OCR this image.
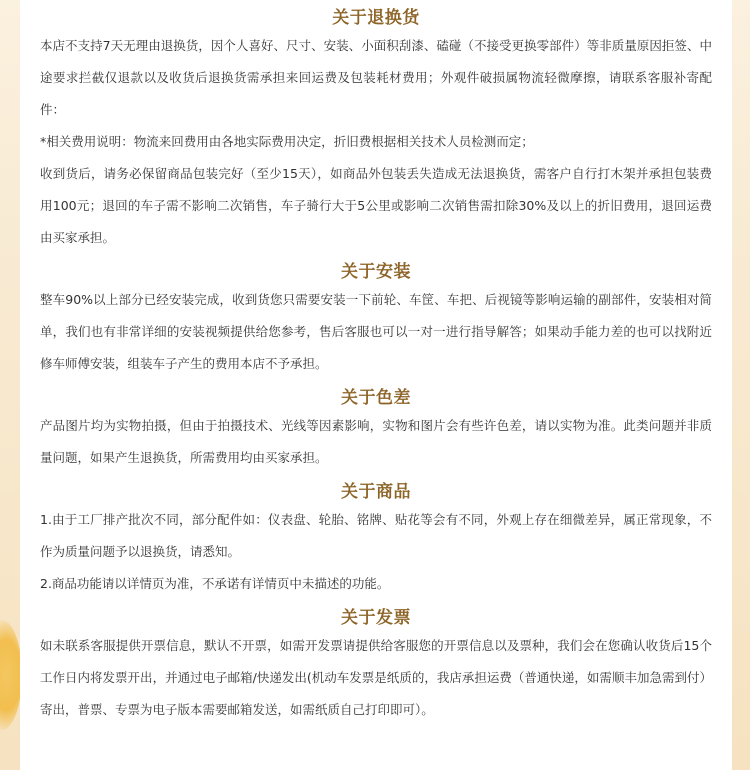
关于退换货

本店不支持7天无理由退换货，因个人喜好、尺寸、安装、小面积刮漆、磕碰（不接受更换零部件）等非质量原因拒签、中途要求拦截仅退款以及收货后退换货需承担来回运费及包装耗材费用；外观件破损属物流轻微摩擦，请联系客服补寄配件：

*相关费用说明：物流来回费用由各地实际费用决定，折旧费根据相关技术人员检测而定；

收到货后，请务必保留商品包装完好（至少15天），如商品外包装丢失造成无法退换货，需客户自行打木架并承担包装费用100元；退回的车子需不影响二次销售，车子骑行大于5公里或影响二次销售需扣除30%及以上的折旧费用，退回运费由买家承担。

关于安装

整车90%以上部分已经安装完成，收到货您只需要安装一下前轮、车筐、车把、后视镜等影响运输的副部件，安装相对简单，我们也有非常详细的安装视频提供给您参考，售后客服也可以一对一进行指导解答；如果动手能力差的也可以找附近修车师傅安装，组装车子产生的费用本店不予承担。

关于色差

产品图片均为实物拍摄，但由于拍摄技术、光线等因素影响，实物和图片会有些许色差，请以实物为准。此类问题并非质量问题，如果产生退换货，所需费用均由买家承担。

关于商品

1.由于工厂排产批次不同，部分配件如：仪表盘、轮胎、铭牌、贴花等会有不同，外观上存在细微差异，属正常现象，不作为质量问题予以退换货，请悉知。

2.商品功能请以详情页为准，不承诺有详情页中未描述的功能。

关于发票

如未联系客服提供开票信息，默认不开票，如需开发票请提供给客服您的开票信息以及票种，我们会在您确认收货后15个工作日内将发票开出，并通过电子邮箱/快递发出(机动车发票是纸质的，我店承担运费（普通快递，如需顺丰加急需到付）寄出，普票、专票为电子版本需要邮箱发送，如需纸质自己打印即可）。
